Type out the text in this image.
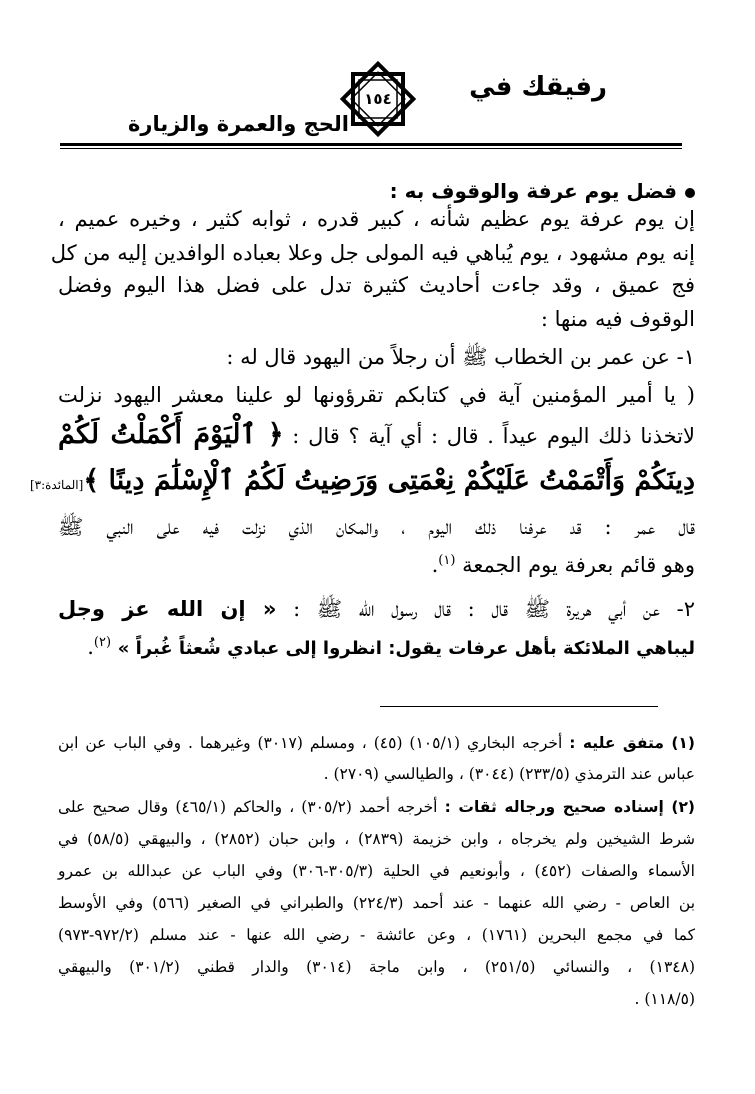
رفيقك في
١٥٤
الحج والعمرة والزيارة
فضل يوم عرفة والوقوف به :
إن يوم عرفة يوم عظيم شأنه ، كبير قدره ، ثوابه كثير ، وخيره عميم ،
إنه يوم مشهود ، يوم يُباهي فيه المولى جل وعلا بعباده الوافدين إليه من كل
فج عميق ، وقد جاءت أحاديث كثيرة تدل على فضل هذا اليوم وفضل
الوقوف فيه منها :
١- عن عمر بن الخطاب ﷺ أن رجلاً من اليهود قال له :
( يا أمير المؤمنين آية في كتابكم تقرؤونها لو علينا معشر اليهود نزلت
لاتخذنا ذلك اليوم عيداً . قال : أي آية ؟ قال : ﴿ ٱلْيَوْمَ أَكْمَلْتُ لَكُمْ
دِينَكُمْ وَأَتْمَمْتُ عَلَيْكُمْ نِعْمَتِى وَرَضِيتُ لَكُمُ ٱلْإِسْلَٰمَ دِينًا ﴾[المائدة:٣]
قال عمر : قد عرفنا ذلك اليوم ، والمكان الذي نزلت فيه على النبي ﷺ
وهو قائم بعرفة يوم الجمعة $^{(١)}$.
٢- عن أبي هريرة ﷺ قال : قال رسول الله ﷺ : « إن الله عز وجل
ليباهي الملائكة بأهل عرفات يقول: انظروا إلى عبادي شُعثاً غُبراً » $^{(٢)}$.
(١) متفق عليه : أخرجه البخاري (١٠٥/١) (٤٥) ، ومسلم (٣٠١٧) وغيرهما . وفي الباب عن ابن
عباس عند الترمذي (٢٣٣/٥) (٣٠٤٤) ، والطيالسي (٢٧٠٩) .
(٢) إسناده صحيح ورجاله ثقات : أخرجه أحمد (٣٠٥/٢) ، والحاكم (٤٦٥/١) وقال صحيح على
شرط الشيخين ولم يخرجاه ، وابن خزيمة (٢٨٣٩) ، وابن حبان (٢٨٥٢) ، والبيهقي (٥٨/٥) في
الأسماء والصفات (٤٥٢) ، وأبونعيم في الحلية (٣٠٥/٣-٣٠٦) وفي الباب عن عبدالله بن عمرو
بن العاص - رضي الله عنهما - عند أحمد (٢٢٤/٣) والطبراني في الصغير (٥٦٦) وفي الأوسط
كما في مجمع البحرين (١٧٦١) ، وعن عائشة - رضي الله عنها - عند مسلم (٩٧٢/٢-٩٧٣)
(١٣٤٨) ، والنسائي (٢٥١/٥) ، وابن ماجة (٣٠١٤) والدار قطني (٣٠١/٢) والبيهقي
(١١٨/٥) .
